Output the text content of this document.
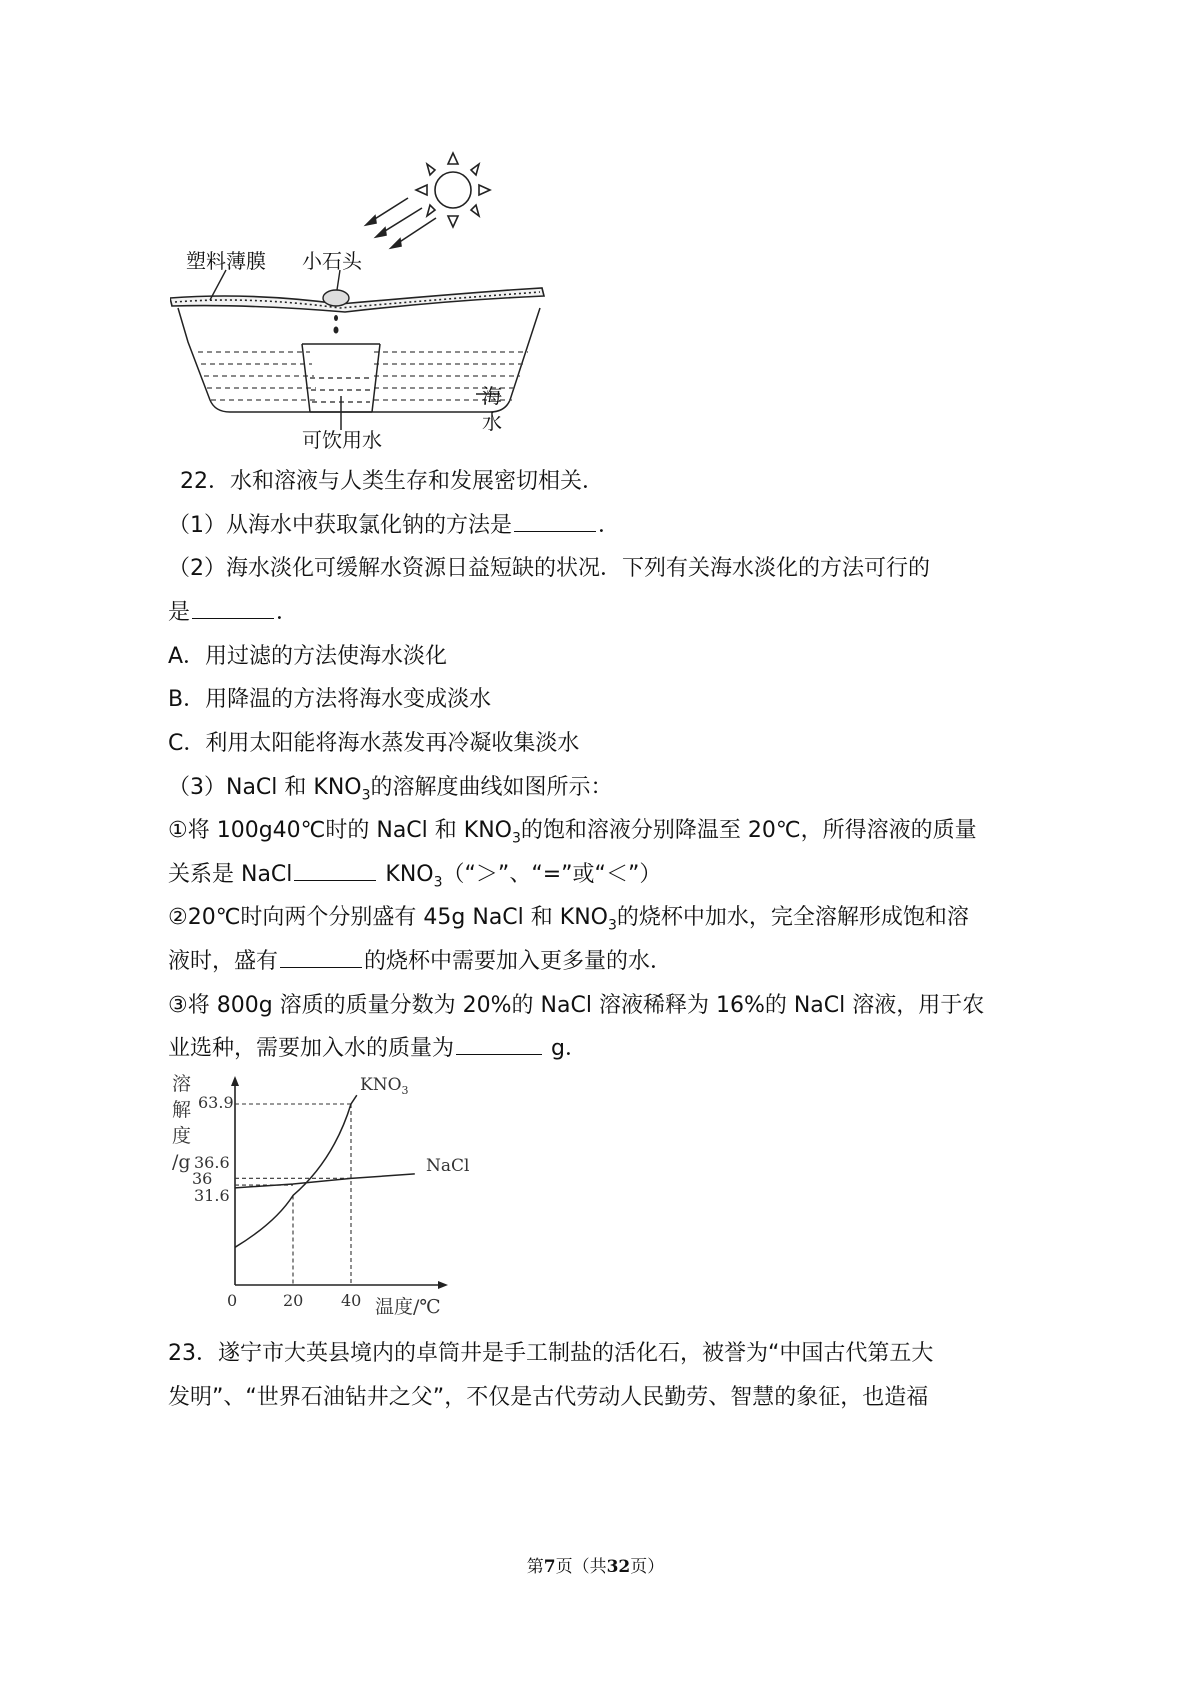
塑料薄膜 小石头
可饮用水
海
水
22．水和溶液与人类生存和发展密切相关．
（1）从海水中获取氯化钠的方法是	．
（2）海水淡化可缓解水资源日益短缺的状况．下列有关海水淡化的方法可行的
是	．
A．用过滤的方法使海水淡化
B．用降温的方法将海水变成淡水
C．利用太阳能将海水蒸发再冷凝收集淡水
（3）NaCl 和 $KNO_3$的溶解度曲线如图所示：
①将 100g40℃时的 NaCl 和 $KNO_3$的饱和溶液分别降温至 20℃，所得溶液的质量
关系是 NaCl	$KNO_3(“>$”、“=”或“＜”）
②20℃时向两个分别盛有 45g NaCl 和 $KNO_3$的烧杯中加水，完全溶解形成饱和溶
液时，盛有	的烧杯中需要加入更多量的水．
③将 800g 溶质的质量分数为 20%的 NaCl 溶液稀释为 16%的 NaCl 溶液，用于农
业选种，需要加入水的质量为	g．
溶
解
度
/g
温度/℃
$KNO_3$
NaCl
0	20 40
63.9
36.6
36
31.6
23．遂宁市大英县境内的卓筒井是手工制盐的活化石，被誉为“中国古代第五大
发明”、“世界石油钻井之父”，不仅是古代劳动人民勤劳、智慧的象征，也造福
第7页（共32页）
